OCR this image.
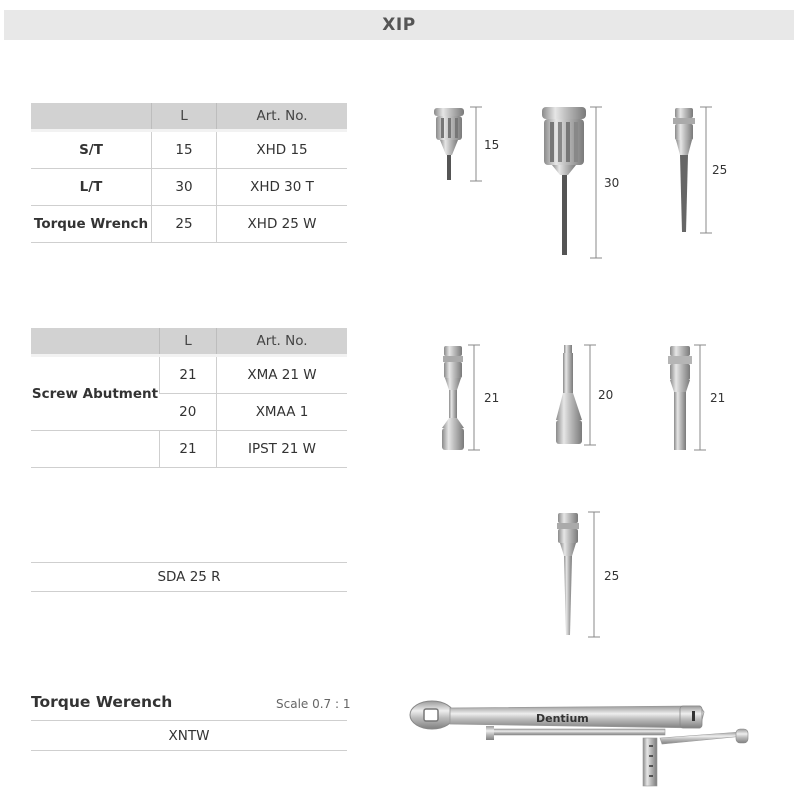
XIP
	L	Art. No.
S/T	15	XHD 15
L/T	30	XHD 30 T
Torque Wrench	25	XHD 25 W
	L	Art. No.
Screw Abutment	21	XMA 21 W
	20	XMAA 1
	21	IPST 21 W
SDA 25 R
Torque Werench	Scale 0.7 : 1
XNTW
15
30
25
21	20	21
25
Dentium
